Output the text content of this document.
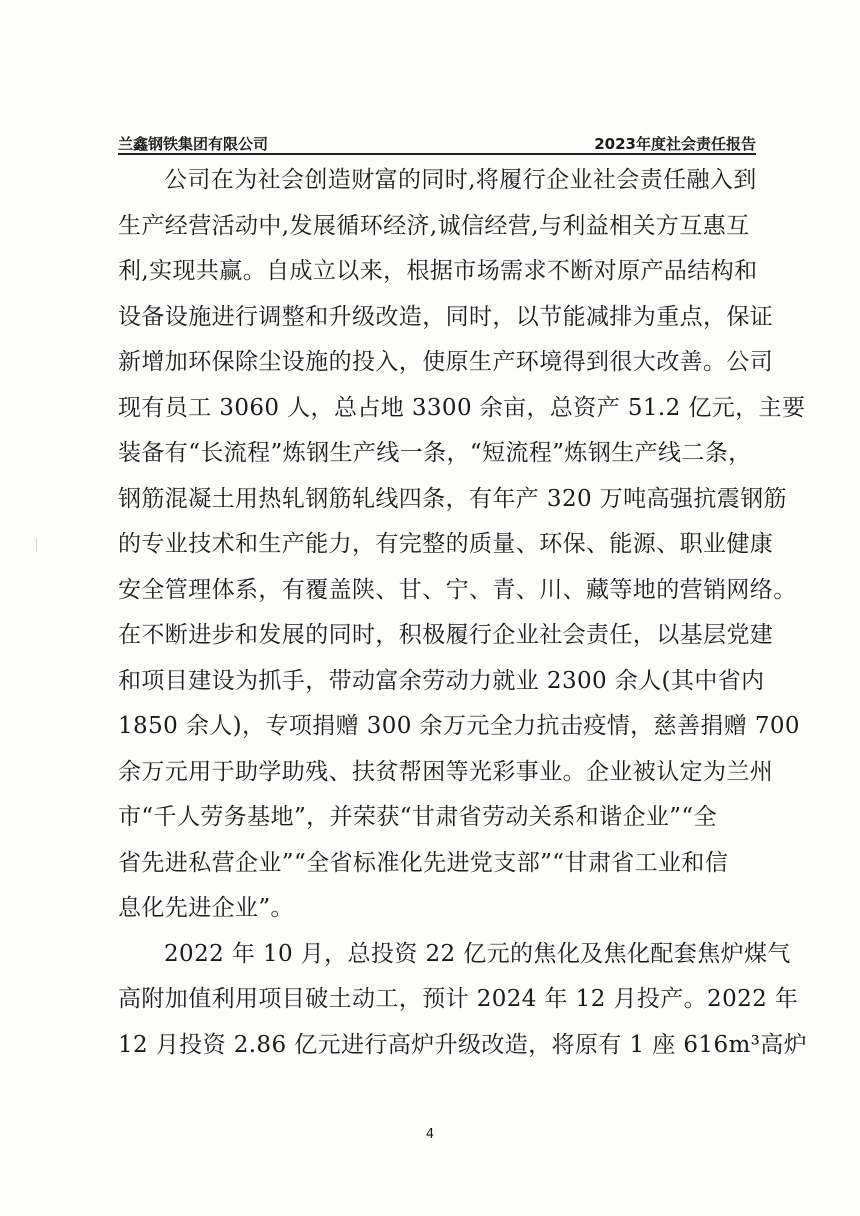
兰鑫钢铁集团有限公司	2023年度社会责任报告
公司在为社会创造财富的同时,将履行企业社会责任融入到
生产经营活动中,发展循环经济,诚信经营,与利益相关方互惠互
利,实现共赢。自成立以来，根据市场需求不断对原产品结构和
设备设施进行调整和升级改造，同时，以节能减排为重点，保证
新增加环保除尘设施的投入，使原生产环境得到很大改善。公司
现有员工 3060 人，总占地 3300 余亩，总资产 51.2 亿元，主要
装备有“长流程”炼钢生产线一条，“短流程”炼钢生产线二条，
钢筋混凝土用热轧钢筋轧线四条，有年产 320 万吨高强抗震钢筋
的专业技术和生产能力，有完整的质量、环保、能源、职业健康
安全管理体系，有覆盖陕、甘、宁、青、川、藏等地的营销网络。
在不断进步和发展的同时，积极履行企业社会责任，以基层党建
和项目建设为抓手，带动富余劳动力就业 2300 余人(其中省内
1850 余人)，专项捐赠 300 余万元全力抗击疫情，慈善捐赠 700
余万元用于助学助残、扶贫帮困等光彩事业。企业被认定为兰州
市“千人劳务基地”，并荣获“甘肃省劳动关系和谐企业”“全
省先进私营企业”“全省标准化先进党支部”“甘肃省工业和信
息化先进企业”。
2022 年 10 月，总投资 22 亿元的焦化及焦化配套焦炉煤气
高附加值利用项目破土动工，预计 2024 年 12 月投产。2022 年
12 月投资 2.86 亿元进行高炉升级改造，将原有 1 座 616m³高炉
4
